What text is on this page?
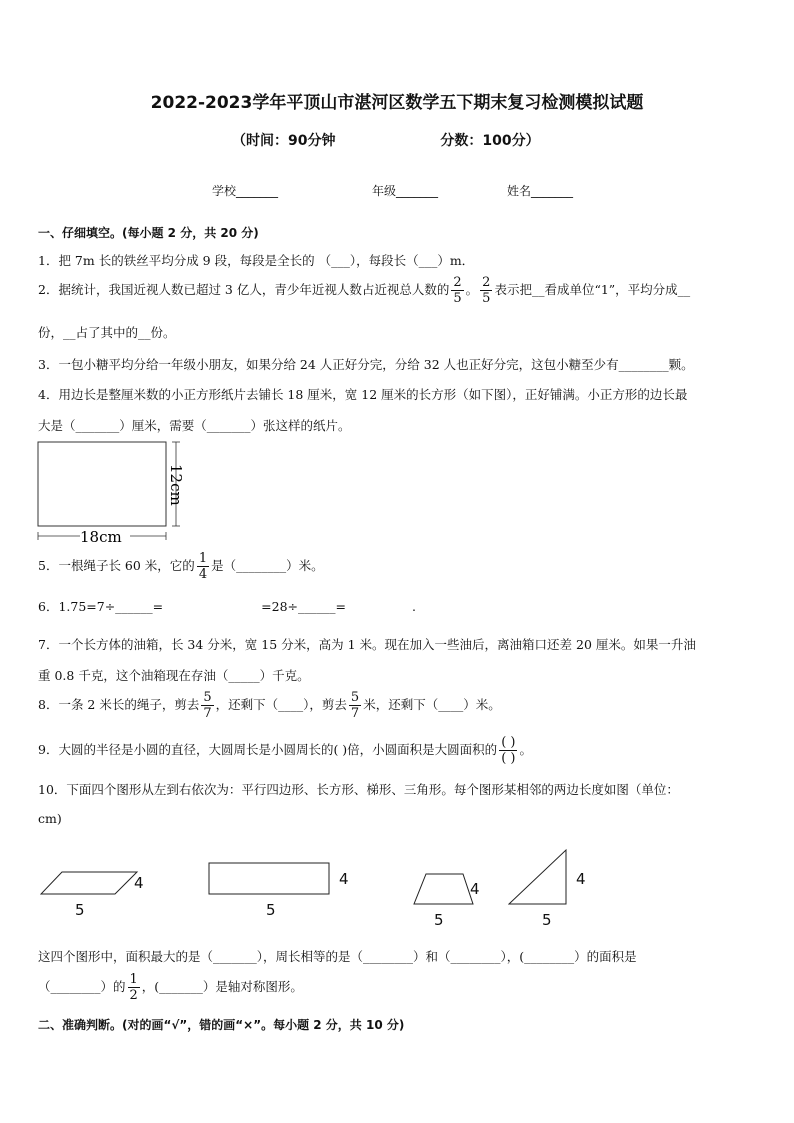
2022-2023学年平顶山市湛河区数学五下期末复习检测模拟试题
（时间：90分钟	分数：100分）
学校_______	年级_______	姓名_______
一、仔细填空。(每小题 2 分，共 20 分)
1．把 7m 长的铁丝平均分成 9 段，每段是全长的 （___），每段长（___）m．
2．据统计，我国近视人数已超过 3 亿人，青少年近视人数占近视总人数的 $\frac{2}{5}$ 。 $\frac{2}{5}$ 表示把__看成单位“1”，平均分成__
份，__占了其中的__份。
3．一包小糖平均分给一年级小朋友，如果分给 24 人正好分完，分给 32 人也正好分完，这包小糖至少有________颗。
4．用边长是整厘米数的小正方形纸片去铺长 18 厘米，宽 12 厘米的长方形（如下图），正好铺满。小正方形的边长最
大是（_______）厘米，需要（_______）张这样的纸片。
12cm
18cm
5．一根绳子长 60 米，它的 $\frac{1}{4}$ 是（________）米。
6．1.75=7÷______=	=28÷______=	.
7．一个长方体的油箱，长 34 分米，宽 15 分米，高为 1 米。现在加入一些油后，离油箱口还差 20 厘米。如果一升油
重 0.8 千克，这个油箱现在存油（_____）千克。
8．一条 2 米长的绳子，剪去 $\frac{5}{7}$ ，还剩下（____），剪去 $\frac{5}{7}$ 米，还剩下（____）米。
9．大圆的半径是小圆的直径，大圆周长是小圆周长的( )倍，小圆面积是大圆面积的 $\frac{( )}{( )}$ 。
10．下面四个图形从左到右依次为：平行四边形、长方形、梯形、三角形。每个图形某相邻的两边长度如图（单位：
cm)
4
5
4
5
4
5
4
5
这四个图形中，面积最大的是（_______），周长相等的是（________）和（________），(________）的面积是
（________）的 $\frac{1}{2}$ ，(_______）是轴对称图形。
二、准确判断。(对的画“√”，错的画“×”。每小题 2 分，共 10 分)
